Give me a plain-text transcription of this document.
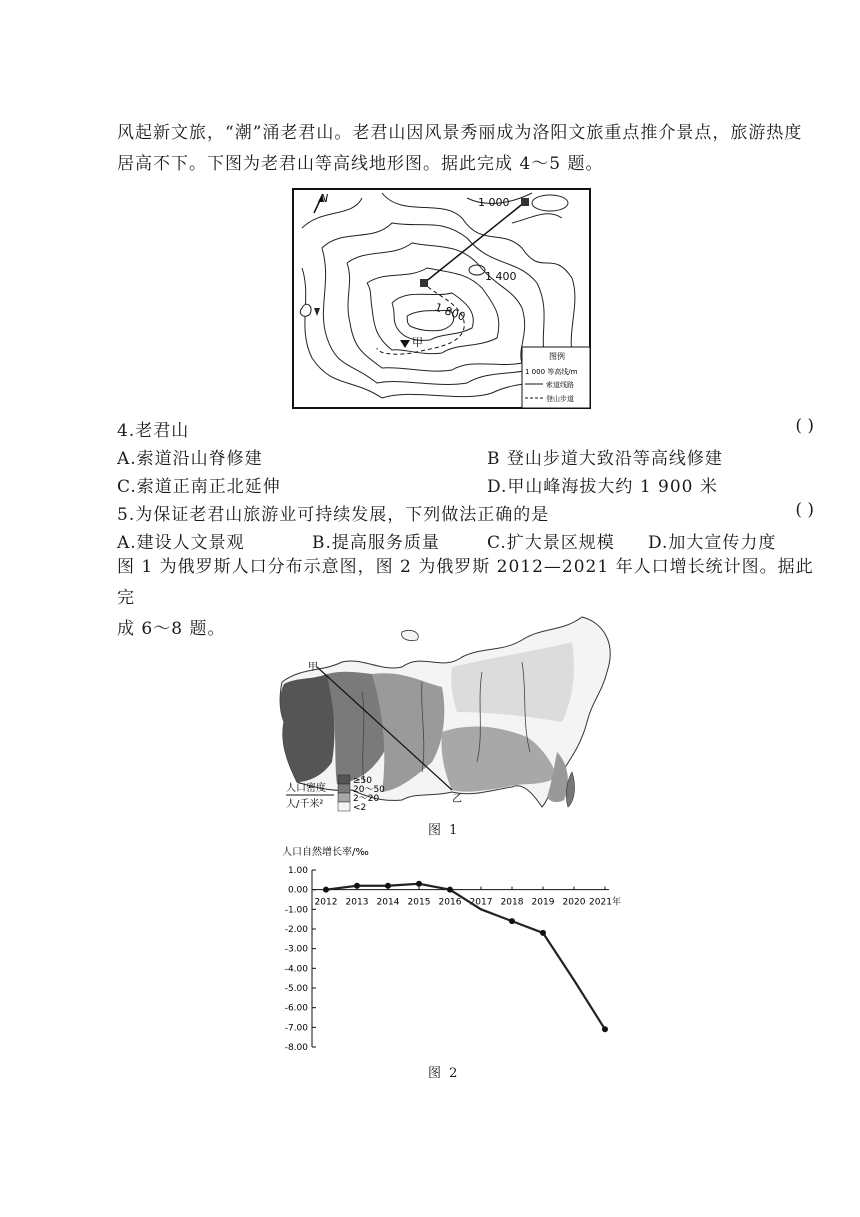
风起新文旅，“潮”涌老君山。老君山因风景秀丽成为洛阳文旅重点推介景点，旅游热度
居高不下。下图为老君山等高线地形图。据此完成 4～5 题。
N
甲
1 000
1 400
1 800
图例
1 000 等高线/m
索道线路
登山步道
4.老君山	( )
A.索道沿山脊修建	B 登山步道大致沿等高线修建
C.索道正南正北延伸	D.甲山峰海拔大约 1 900 米
5.为保证老君山旅游业可持续发展，下列做法正确的是	( )
A.建设人文景观	B.提高服务质量	C.扩大景区规模 D.加大宣传力度
图 1 为俄罗斯人口分布示意图，图 2 为俄罗斯 2012—2021 年人口增长统计图。据此完
成 6～8 题。
甲
乙
人口密度
人/千米²
≥50
20～50
2～20
<2
图 1
人口自然增长率/‰
1.00
0.00
-1.00
-2.00
-3.00
-4.00
-5.00
-6.00
-7.00
-8.00
2012 2013 2014 2015 2016 2017 2018 2019 2020 2021年
图 2
